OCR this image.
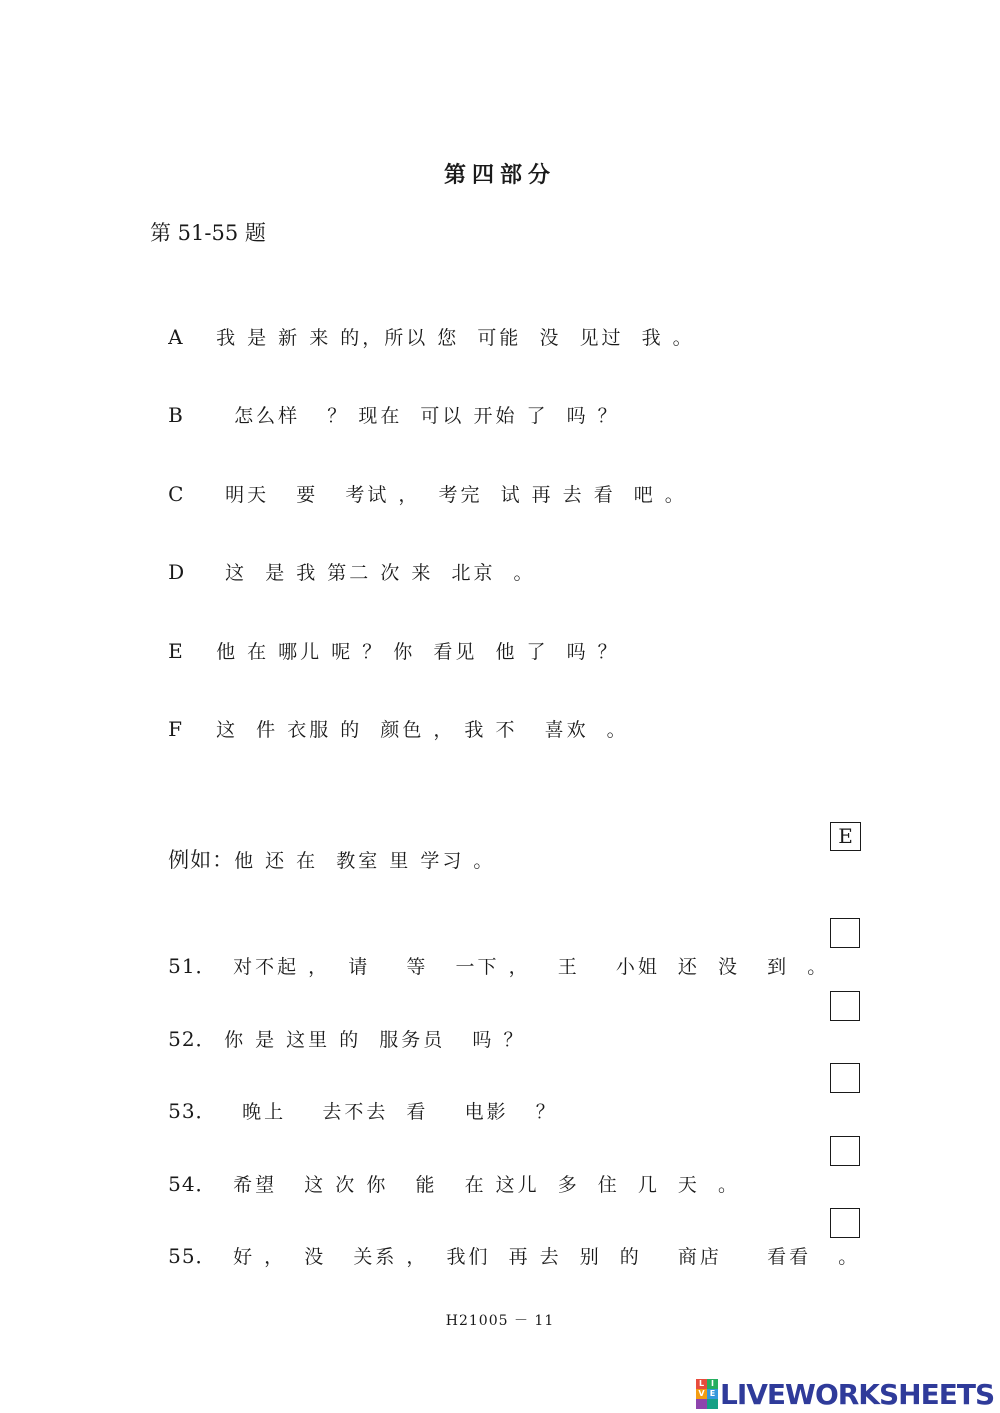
第四部分
第 51-55 题

A 我 是 新 来 的，所以 您  可能  没  见过  我 。

B  怎么样   ？ 现在  可以 开始 了  吗 ？

C 明天   要   考试 ，  考完  试 再 去 看  吧 。

D 这  是 我 第二 次 来  北京  。

E 他 在 哪儿 呢 ？ 你  看见  他 了  吗 ？

F 这  件 衣服 的  颜色 ， 我 不   喜欢  。

例如：他 还 在  教室 里 学习 。

E

51． 对不起 ，  请    等   一下 ，   王    小姐  还  没   到  。

52． 你 是 这里 的  服务员   吗 ？

53．  晚上    去不去  看    电影   ？

54． 希望   这 次 你   能   在 这儿  多  住  几  天  。

55． 好 ，  没   关系 ，  我们  再 去  别  的    商店     看看   。

H21005 － 11
L I
V E LIVEWORKSHEETS
